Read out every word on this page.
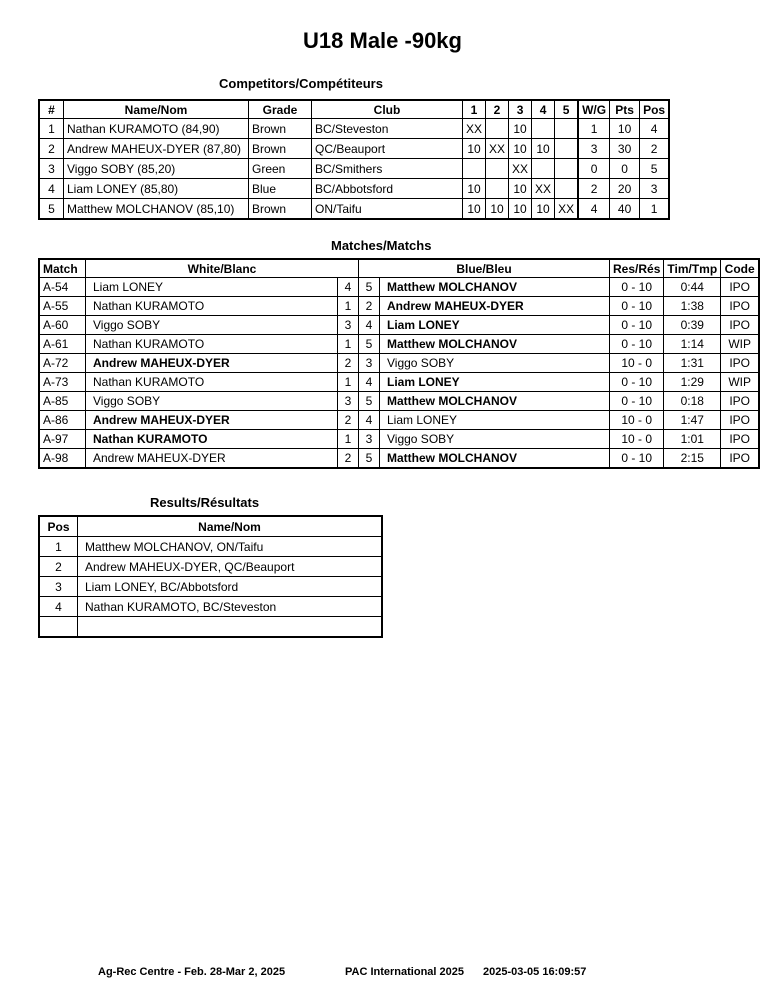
U18 Male -90kg
Competitors/Compétiteurs
#	Name/Nom	Grade	Club	1	2	3	4	5	W/G	Pts	Pos
1	Nathan KURAMOTO (84,90)	Brown	BC/Steveston	XX		10			1	10	4
2	Andrew MAHEUX-DYER (87,80)	Brown	QC/Beauport	10	XX	10	10		3	30	2
3	Viggo SOBY (85,20)	Green	BC/Smithers			XX			0	0	5
4	Liam LONEY (85,80)	Blue	BC/Abbotsford	10		10	XX		2	20	3
5	Matthew MOLCHANOV (85,10)	Brown	ON/Taifu	10	10	10	10	XX	4	40	1
Matches/Matchs
Match	White/Blanc		Blue/Bleu		Res/Rés	Tim/Tmp	Code
A-54	Liam LONEY	4	5	Matthew MOLCHANOV	0 - 10	0:44	IPO
A-55	Nathan KURAMOTO	1	2	Andrew MAHEUX-DYER	0 - 10	1:38	IPO
A-60	Viggo SOBY	3	4	Liam LONEY	0 - 10	0:39	IPO
A-61	Nathan KURAMOTO	1	5	Matthew MOLCHANOV	0 - 10	1:14	WIP
A-72	Andrew MAHEUX-DYER	2	3	Viggo SOBY	10 - 0	1:31	IPO
A-73	Nathan KURAMOTO	1	4	Liam LONEY	0 - 10	1:29	WIP
A-85	Viggo SOBY	3	5	Matthew MOLCHANOV	0 - 10	0:18	IPO
A-86	Andrew MAHEUX-DYER	2	4	Liam LONEY	10 - 0	1:47	IPO
A-97	Nathan KURAMOTO	1	3	Viggo SOBY	10 - 0	1:01	IPO
A-98	Andrew MAHEUX-DYER	2	5	Matthew MOLCHANOV	0 - 10	2:15	IPO
Results/Résultats
Pos	Name/Nom
1	Matthew MOLCHANOV, ON/Taifu
2	Andrew MAHEUX-DYER, QC/Beauport
3	Liam LONEY, BC/Abbotsford
4	Nathan KURAMOTO, BC/Steveston

Ag-Rec Centre - Feb. 28-Mar 2, 2025	PAC International 2025 2025-03-05 16:09:57
